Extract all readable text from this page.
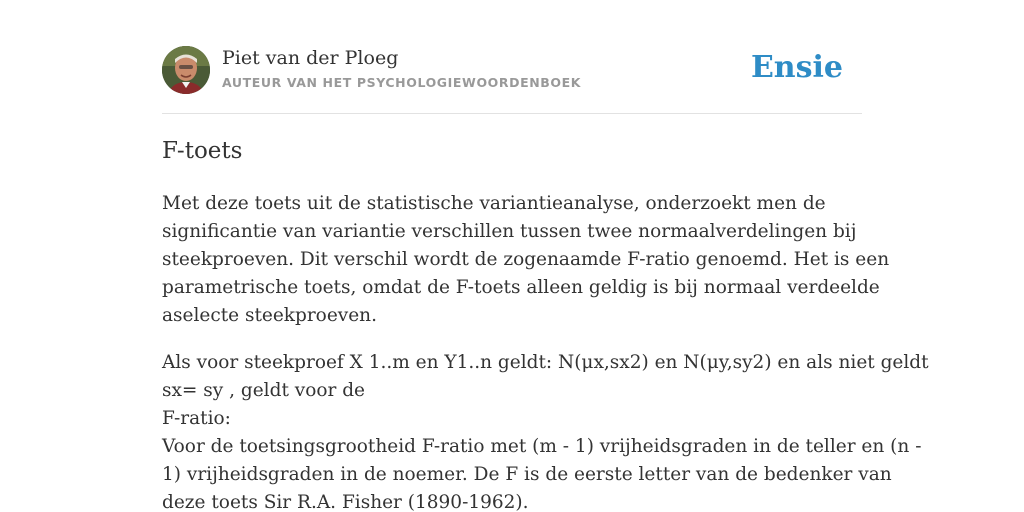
Piet van der Ploeg
AUTEUR VAN HET PSYCHOLOGIEWOORDENBOEK	Ensie
F-toets

Met deze toets uit de statistische variantieanalyse, onderzoekt men de
significantie van variantie verschillen tussen twee normaalverdelingen bij
steekproeven. Dit verschil wordt de zogenaamde F-ratio genoemd. Het is een
parametrische toets, omdat de F-toets alleen geldig is bij normaal verdeelde
aselecte steekproeven.

Als voor steekproef X 1..m en Y1..n geldt: N(μx,sx2) en N(μy,sy2) en als niet geldt
sx= sy , geldt voor de
F-ratio:
Voor de toetsingsgrootheid F-ratio met (m - 1) vrijheidsgraden in de teller en (n -
1) vrijheidsgraden in de noemer. De F is de eerste letter van de bedenker van
deze toets Sir R.A. Fisher (1890-1962).
